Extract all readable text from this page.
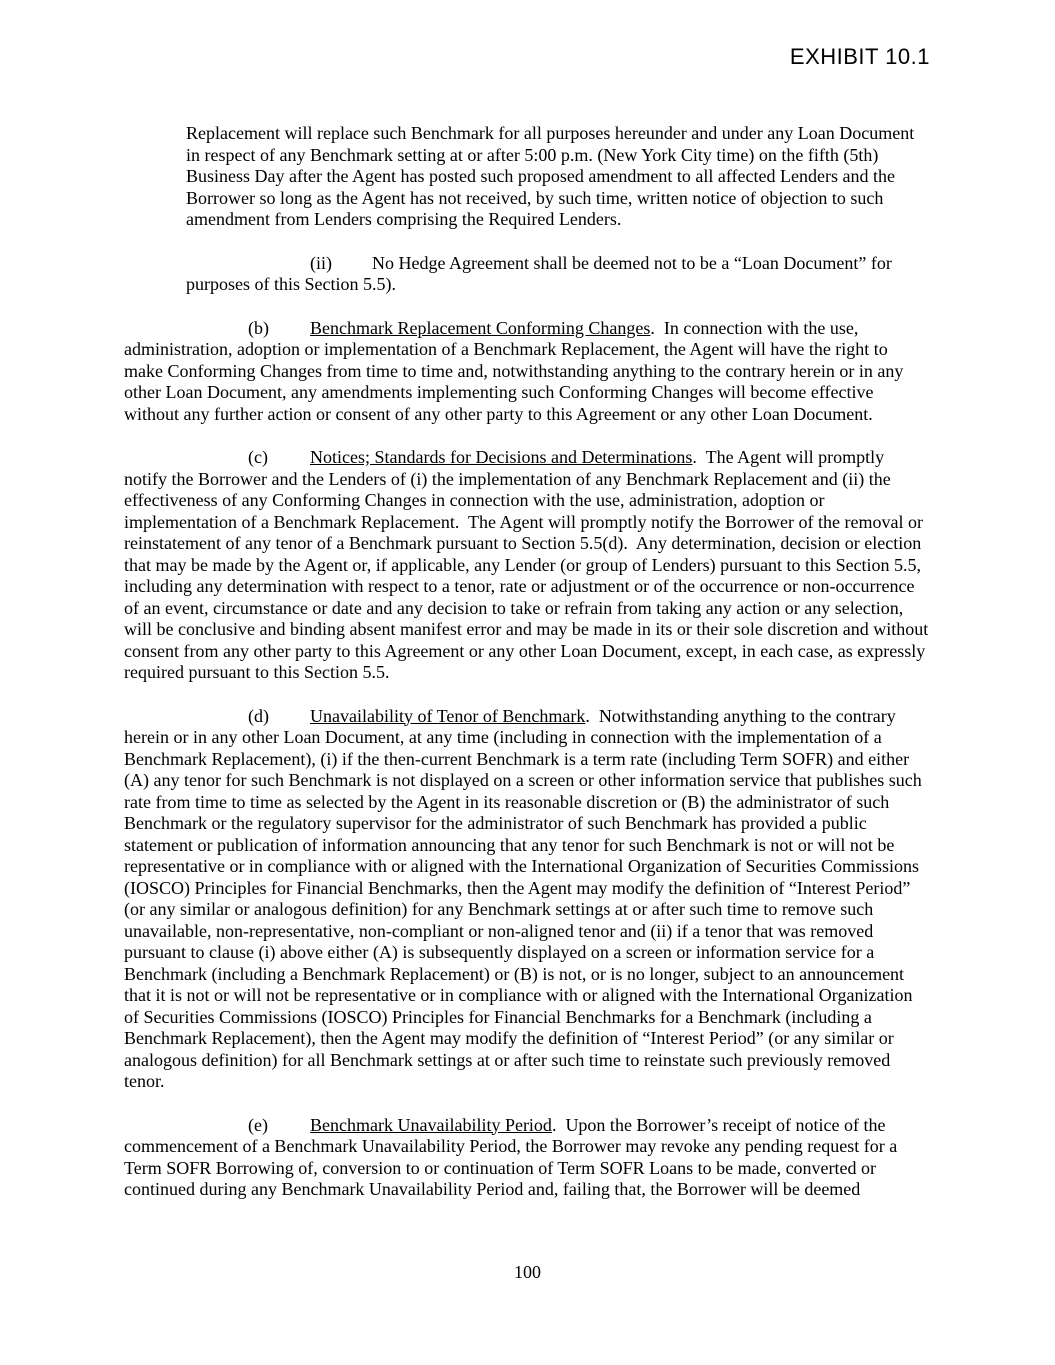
EXHIBIT 10.1

Replacement will replace such Benchmark for all purposes hereunder and under any Loan Document in respect of any Benchmark setting at or after 5:00 p.m. (New York City time) on the fifth (5th) Business Day after the Agent has posted such proposed amendment to all affected Lenders and the Borrower so long as the Agent has not received, by such time, written notice of objection to such amendment from Lenders comprising the Required Lenders.

(ii) No Hedge Agreement shall be deemed not to be a “Loan Document” for purposes of this Section 5.5).

(b) Benchmark Replacement Conforming Changes.  In connection with the use, administration, adoption or implementation of a Benchmark Replacement, the Agent will have the right to make Conforming Changes from time to time and, notwithstanding anything to the contrary herein or in any other Loan Document, any amendments implementing such Conforming Changes will become effective without any further action or consent of any other party to this Agreement or any other Loan Document.

(c) Notices; Standards for Decisions and Determinations.  The Agent will promptly notify the Borrower and the Lenders of (i) the implementation of any Benchmark Replacement and (ii) the effectiveness of any Conforming Changes in connection with the use, administration, adoption or implementation of a Benchmark Replacement.  The Agent will promptly notify the Borrower of the removal or reinstatement of any tenor of a Benchmark pursuant to Section 5.5(d).  Any determination, decision or election that may be made by the Agent or, if applicable, any Lender (or group of Lenders) pursuant to this Section 5.5, including any determination with respect to a tenor, rate or adjustment or of the occurrence or non-occurrence of an event, circumstance or date and any decision to take or refrain from taking any action or any selection, will be conclusive and binding absent manifest error and may be made in its or their sole discretion and without consent from any other party to this Agreement or any other Loan Document, except, in each case, as expressly required pursuant to this Section 5.5.

(d) Unavailability of Tenor of Benchmark.  Notwithstanding anything to the contrary herein or in any other Loan Document, at any time (including in connection with the implementation of a Benchmark Replacement), (i) if the then-current Benchmark is a term rate (including Term SOFR) and either (A) any tenor for such Benchmark is not displayed on a screen or other information service that publishes such rate from time to time as selected by the Agent in its reasonable discretion or (B) the administrator of such Benchmark or the regulatory supervisor for the administrator of such Benchmark has provided a public statement or publication of information announcing that any tenor for such Benchmark is not or will not be representative or in compliance with or aligned with the International Organization of Securities Commissions (IOSCO) Principles for Financial Benchmarks, then the Agent may modify the definition of “Interest Period” (or any similar or analogous definition) for any Benchmark settings at or after such time to remove such unavailable, non-representative, non-compliant or non-aligned tenor and (ii) if a tenor that was removed pursuant to clause (i) above either (A) is subsequently displayed on a screen or information service for a Benchmark (including a Benchmark Replacement) or (B) is not, or is no longer, subject to an announcement that it is not or will not be representative or in compliance with or aligned with the International Organization of Securities Commissions (IOSCO) Principles for Financial Benchmarks for a Benchmark (including a Benchmark Replacement), then the Agent may modify the definition of “Interest Period” (or any similar or analogous definition) for all Benchmark settings at or after such time to reinstate such previously removed tenor.

(e) Benchmark Unavailability Period.  Upon the Borrower’s receipt of notice of the commencement of a Benchmark Unavailability Period, the Borrower may revoke any pending request for a Term SOFR Borrowing of, conversion to or continuation of Term SOFR Loans to be made, converted or continued during any Benchmark Unavailability Period and, failing that, the Borrower will be deemed

100
